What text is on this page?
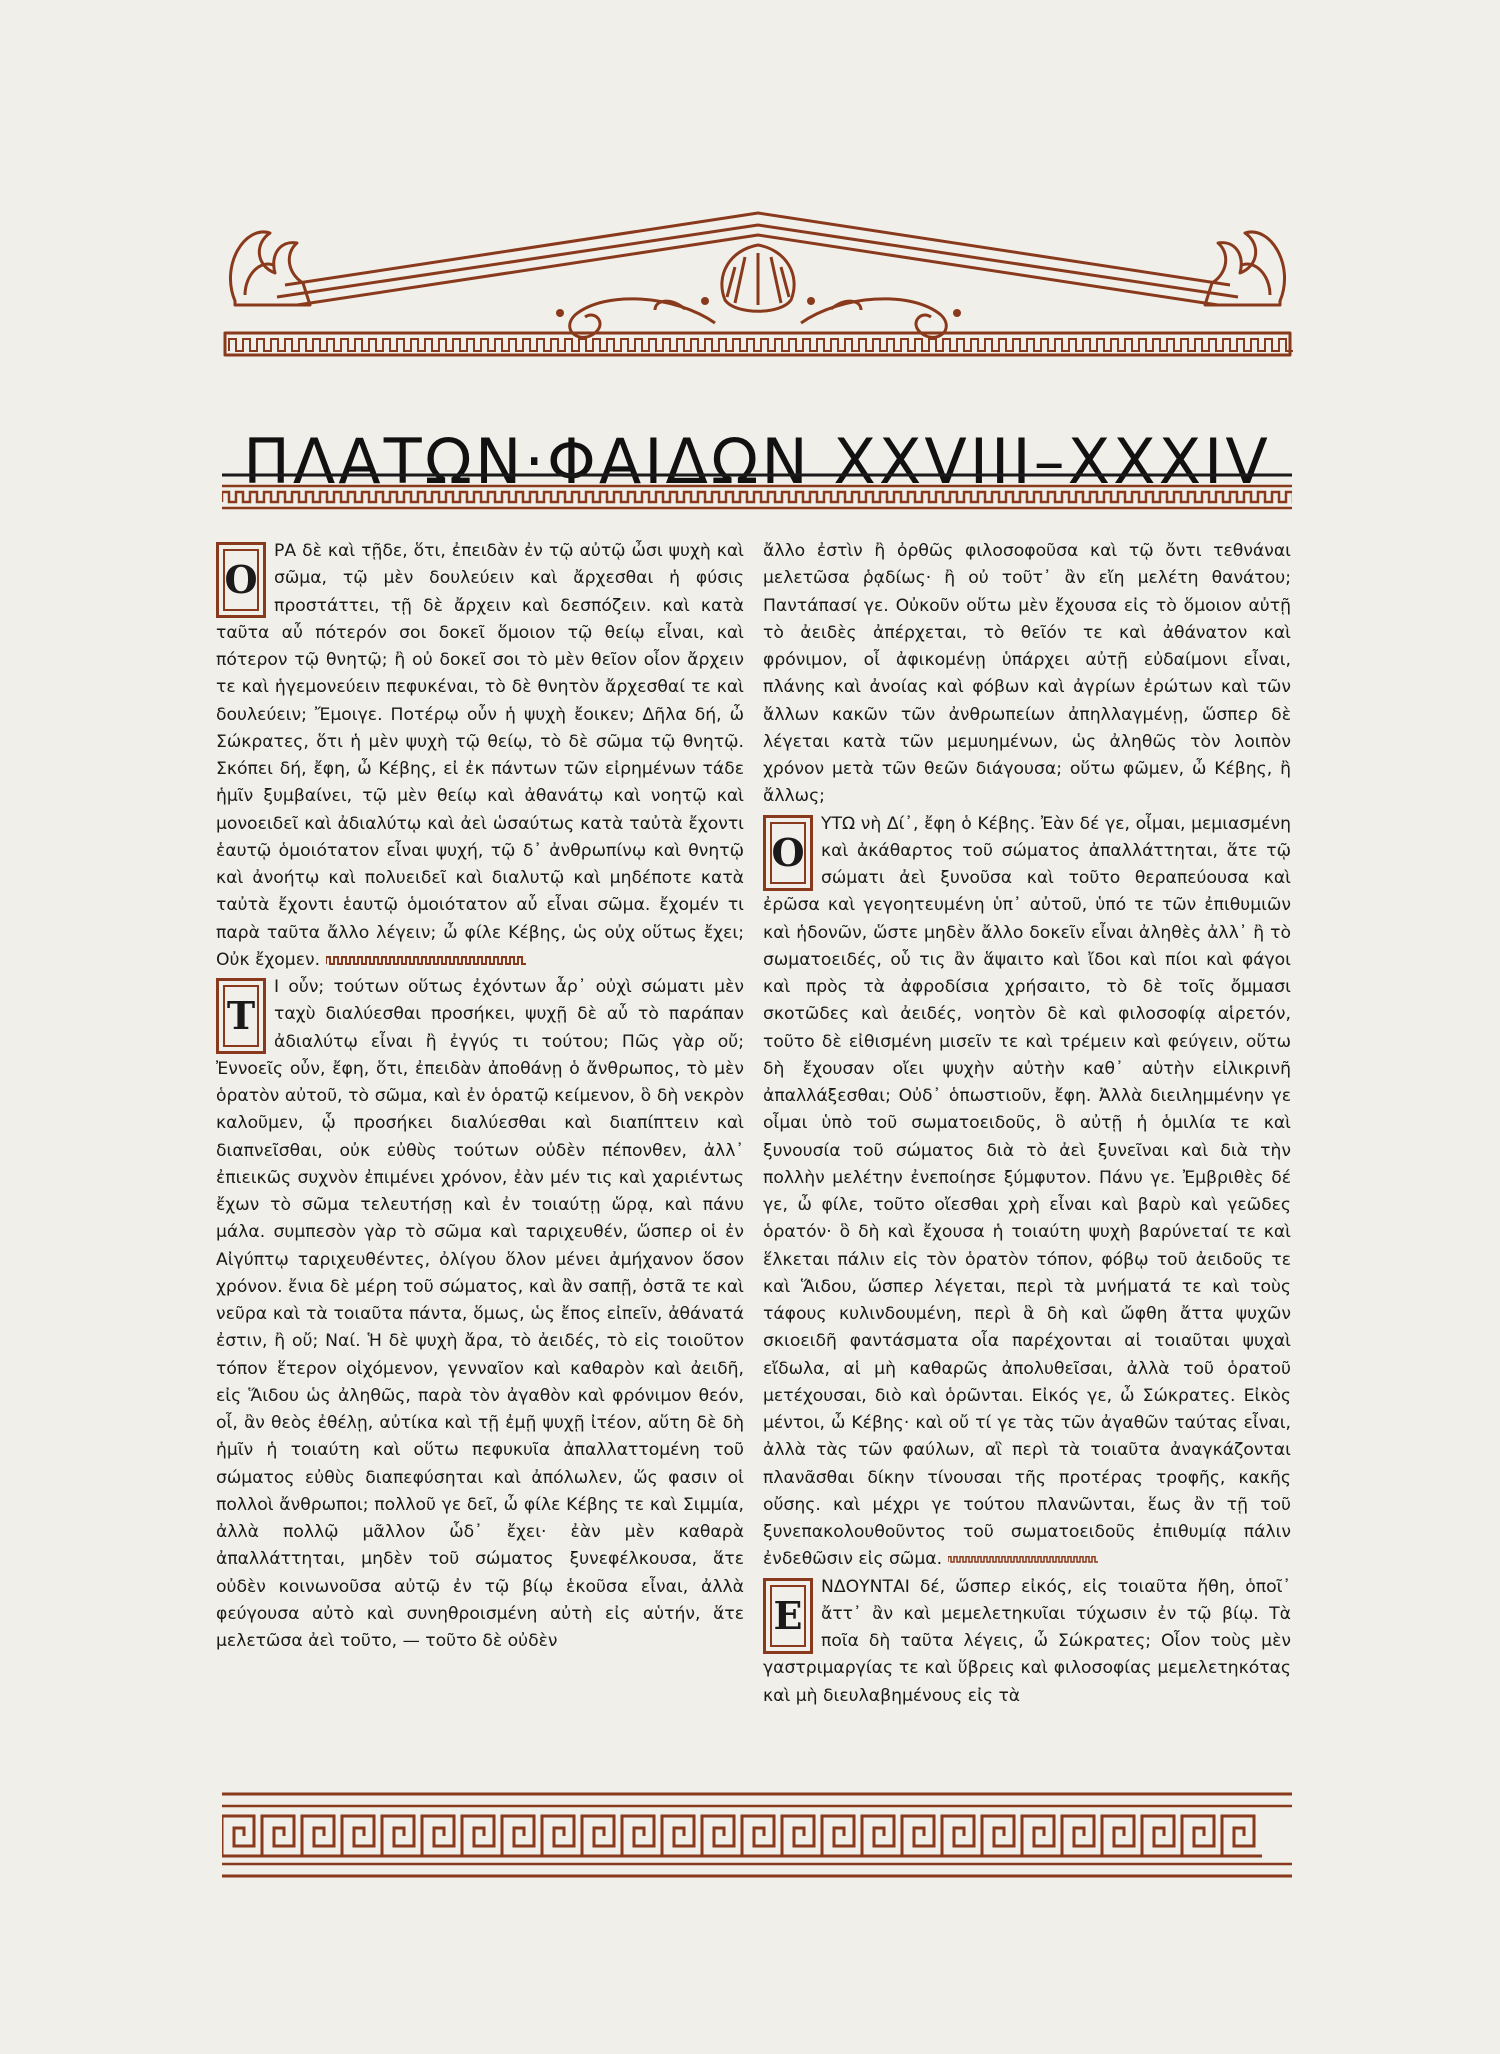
ΠΛΑΤΩΝ·ΦΑΙΔΩΝ XXVIII–XXXIV

Ο
ΡΑ δὲ καὶ τῇδε, ὅτι, ἐπειδὰν ἐν τῷ αὐτῷ ὦσι ψυχὴ καὶ σῶμα, τῷ μὲν δουλεύειν καὶ ἄρχεσθαι ἡ φύσις προστάττει, τῇ δὲ ἄρχειν καὶ δεσπόζειν. καὶ κατὰ ταῦτα αὖ πότερόν σοι δοκεῖ ὅμοιον τῷ θείῳ εἶναι, καὶ πότερον τῷ θνητῷ; ἢ οὐ δοκεῖ σοι τὸ μὲν θεῖον οἷον ἄρχειν τε καὶ ἡγεμονεύειν πεφυκέναι, τὸ δὲ θνητὸν ἄρχεσθαί τε καὶ δουλεύειν; Ἔμοιγε. Ποτέρῳ οὖν ἡ ψυχὴ ἔοικεν; Δῆλα δή, ὦ Σώκρατες, ὅτι ἡ μὲν ψυχὴ τῷ θείῳ, τὸ δὲ σῶμα τῷ θνητῷ. Σκόπει δή, ἔφη, ὦ Κέβης, εἰ ἐκ πάντων τῶν εἰρημένων τάδε ἡμῖν ξυμβαίνει, τῷ μὲν θείῳ καὶ ἀθανάτῳ καὶ νοητῷ καὶ μονοειδεῖ καὶ ἀδιαλύτῳ καὶ ἀεὶ ὡσαύτως κατὰ ταὐτὰ ἔχοντι ἑαυτῷ ὁμοιότατον εἶναι ψυχή, τῷ δ᾽ ἀνθρωπίνῳ καὶ θνητῷ καὶ ἀνοήτῳ καὶ πολυειδεῖ καὶ διαλυτῷ καὶ μηδέποτε κατὰ ταὐτὰ ἔχοντι ἑαυτῷ ὁμοιότατον αὖ εἶναι σῶμα. ἔχομέν τι παρὰ ταῦτα ἄλλο λέγειν; ὦ φίλε Κέβης, ὡς οὐχ οὕτως ἔχει; Οὐκ ἔχομεν.

Τ
Ι οὖν; τούτων οὕτως ἐχόντων ἆρ᾽ οὐχὶ σώματι μὲν ταχὺ διαλύεσθαι προσήκει, ψυχῇ δὲ αὖ τὸ παράπαν ἀδιαλύτῳ εἶναι ἢ ἐγγύς τι τούτου; Πῶς γὰρ οὔ; Ἐννοεῖς οὖν, ἔφη, ὅτι, ἐπειδὰν ἀποθάνῃ ὁ ἄνθρωπος, τὸ μὲν ὁρατὸν αὐτοῦ, τὸ σῶμα, καὶ ἐν ὁρατῷ κείμενον, ὃ δὴ νεκρὸν καλοῦμεν, ᾧ προσήκει διαλύεσθαι καὶ διαπίπτειν καὶ διαπνεῖσθαι, οὐκ εὐθὺς τούτων οὐδὲν πέπονθεν, ἀλλ᾽ ἐπιεικῶς συχνὸν ἐπιμένει χρόνον, ἐὰν μέν τις καὶ χαριέντως ἔχων τὸ σῶμα τελευτήσῃ καὶ ἐν τοιαύτῃ ὥρᾳ, καὶ πάνυ μάλα. συμπεσὸν γὰρ τὸ σῶμα καὶ ταριχευθέν, ὥσπερ οἱ ἐν Αἰγύπτῳ ταριχευθέντες, ὀλίγου ὅλον μένει ἀμήχανον ὅσον χρόνον. ἔνια δὲ μέρη τοῦ σώματος, καὶ ἂν σαπῇ, ὀστᾶ τε καὶ νεῦρα καὶ τὰ τοιαῦτα πάντα, ὅμως, ὡς ἔπος εἰπεῖν, ἀθάνατά ἐστιν, ἢ οὔ; Ναί. Ἡ δὲ ψυχὴ ἄρα, τὸ ἀειδές, τὸ εἰς τοιοῦτον τόπον ἕτερον οἰχόμενον, γενναῖον καὶ καθαρὸν καὶ ἀειδῆ, εἰς Ἅιδου ὡς ἀληθῶς, παρὰ τὸν ἀγαθὸν καὶ φρόνιμον θεόν, οἷ, ἂν θεὸς ἐθέλῃ, αὐτίκα καὶ τῇ ἐμῇ ψυχῇ ἰτέον, αὕτη δὲ δὴ ἡμῖν ἡ τοιαύτη καὶ οὕτω πεφυκυῖα ἀπαλλαττομένη τοῦ σώματος εὐθὺς διαπεφύσηται καὶ ἀπόλωλεν, ὥς φασιν οἱ πολλοὶ ἄνθρωποι; πολλοῦ γε δεῖ, ὦ φίλε Κέβης τε καὶ Σιμμία, ἀλλὰ πολλῷ μᾶλλον ὧδ᾽ ἔχει· ἐὰν μὲν καθαρὰ ἀπαλλάττηται, μηδὲν τοῦ σώματος ξυνεφέλκουσα, ἅτε οὐδὲν κοινωνοῦσα αὐτῷ ἐν τῷ βίῳ ἑκοῦσα εἶναι, ἀλλὰ φεύγουσα αὐτὸ καὶ συνηθροισμένη αὐτὴ εἰς αὑτήν, ἅτε μελετῶσα ἀεὶ τοῦτο, — τοῦτο δὲ οὐδὲν

ἄλλο ἐστὶν ἢ ὀρθῶς φιλοσοφοῦσα καὶ τῷ ὄντι τεθνάναι μελετῶσα ῥᾳδίως· ἢ οὐ τοῦτ᾽ ἂν εἴη μελέτη θανάτου; Παντάπασί γε. Οὐκοῦν οὕτω μὲν ἔχουσα εἰς τὸ ὅμοιον αὐτῇ τὸ ἀειδὲς ἀπέρχεται, τὸ θεῖόν τε καὶ ἀθάνατον καὶ φρόνιμον, οἷ ἀφικομένῃ ὑπάρχει αὐτῇ εὐδαίμονι εἶναι, πλάνης καὶ ἀνοίας καὶ φόβων καὶ ἀγρίων ἐρώτων καὶ τῶν ἄλλων κακῶν τῶν ἀνθρωπείων ἀπηλλαγμένῃ, ὥσπερ δὲ λέγεται κατὰ τῶν μεμυημένων, ὡς ἀληθῶς τὸν λοιπὸν χρόνον μετὰ τῶν θεῶν διάγουσα; οὕτω φῶμεν, ὦ Κέβης, ἢ ἄλλως;

Ο
ΥΤΩ νὴ Δί᾽, ἔφη ὁ Κέβης. Ἐὰν δέ γε, οἶμαι, μεμιασμένη καὶ ἀκάθαρτος τοῦ σώματος ἀπαλλάττηται, ἅτε τῷ σώματι ἀεὶ ξυνοῦσα καὶ τοῦτο θεραπεύουσα καὶ ἐρῶσα καὶ γεγοητευμένη ὑπ᾽ αὐτοῦ, ὑπό τε τῶν ἐπιθυμιῶν καὶ ἡδονῶν, ὥστε μηδὲν ἄλλο δοκεῖν εἶναι ἀληθὲς ἀλλ᾽ ἢ τὸ σωματοειδές, οὗ τις ἂν ἅψαιτο καὶ ἴδοι καὶ πίοι καὶ φάγοι καὶ πρὸς τὰ ἀφροδίσια χρήσαιτο, τὸ δὲ τοῖς ὄμμασι σκοτῶδες καὶ ἀειδές, νοητὸν δὲ καὶ φιλοσοφίᾳ αἱρετόν, τοῦτο δὲ εἰθισμένη μισεῖν τε καὶ τρέμειν καὶ φεύγειν, οὕτω δὴ ἔχουσαν οἴει ψυχὴν αὐτὴν καθ᾽ αὑτὴν εἰλικρινῆ ἀπαλλάξεσθαι; Οὐδ᾽ ὁπωστιοῦν, ἔφη. Ἀλλὰ διειλημμένην γε οἶμαι ὑπὸ τοῦ σωματοειδοῦς, ὃ αὐτῇ ἡ ὁμιλία τε καὶ ξυνουσία τοῦ σώματος διὰ τὸ ἀεὶ ξυνεῖναι καὶ διὰ τὴν πολλὴν μελέτην ἐνεποίησε ξύμφυτον. Πάνυ γε. Ἐμβριθὲς δέ γε, ὦ φίλε, τοῦτο οἴεσθαι χρὴ εἶναι καὶ βαρὺ καὶ γεῶδες ὁρατόν· ὃ δὴ καὶ ἔχουσα ἡ τοιαύτη ψυχὴ βαρύνεταί τε καὶ ἕλκεται πάλιν εἰς τὸν ὁρατὸν τόπον, φόβῳ τοῦ ἀειδοῦς τε καὶ Ἅιδου, ὥσπερ λέγεται, περὶ τὰ μνήματά τε καὶ τοὺς τάφους κυλινδουμένη, περὶ ἃ δὴ καὶ ὤφθη ἄττα ψυχῶν σκιοειδῆ φαντάσματα οἷα παρέχονται αἱ τοιαῦται ψυχαὶ εἴδωλα, αἱ μὴ καθαρῶς ἀπολυθεῖσαι, ἀλλὰ τοῦ ὁρατοῦ μετέχουσαι, διὸ καὶ ὁρῶνται. Εἰκός γε, ὦ Σώκρατες. Εἰκὸς μέντοι, ὦ Κέβης· καὶ οὔ τί γε τὰς τῶν ἀγαθῶν ταύτας εἶναι, ἀλλὰ τὰς τῶν φαύλων, αἳ περὶ τὰ τοιαῦτα ἀναγκάζονται πλανᾶσθαι δίκην τίνουσαι τῆς προτέρας τροφῆς, κακῆς οὔσης. καὶ μέχρι γε τούτου πλανῶνται, ἕως ἂν τῇ τοῦ ξυνεπακολουθοῦντος τοῦ σωματοειδοῦς ἐπιθυμίᾳ πάλιν ἐνδεθῶσιν εἰς σῶμα.

Ε
ΝΔΟΥΝΤΑΙ δέ, ὥσπερ εἰκός, εἰς τοιαῦτα ἤθη, ὁποῖ᾽ ἄττ᾽ ἂν καὶ μεμελετηκυῖαι τύχωσιν ἐν τῷ βίῳ. Τὰ ποῖα δὴ ταῦτα λέγεις, ὦ Σώκρατες; Οἷον τοὺς μὲν γαστριμαργίας τε καὶ ὕβρεις καὶ φιλοσοφίας μεμελετηκότας καὶ μὴ διευλαβημένους εἰς τὰ
